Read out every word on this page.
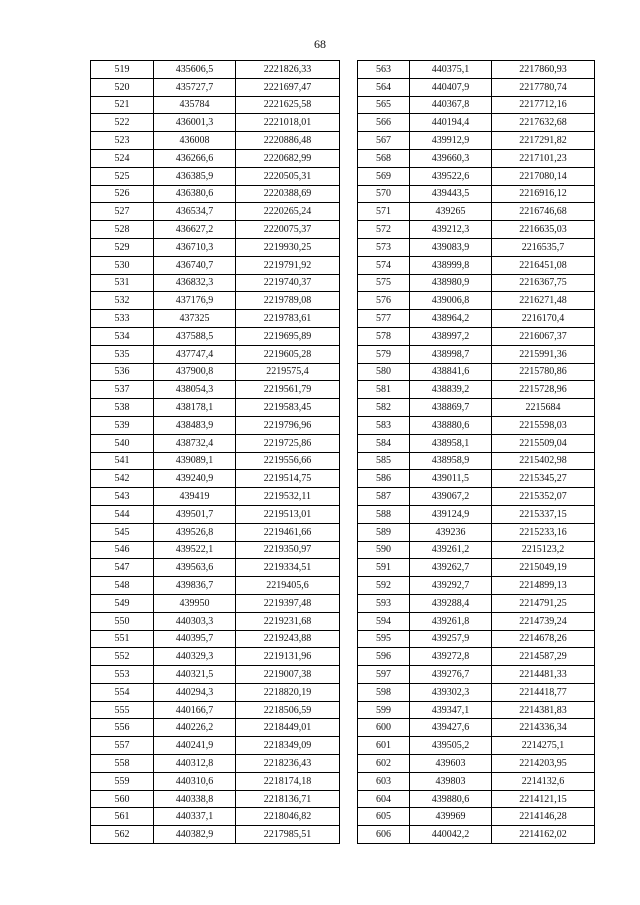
68
519	435606,5	2221826,33
520	435727,7	2221697,47
521	435784	2221625,58
522	436001,3	2221018,01
523	436008	2220886,48
524	436266,6	2220682,99
525	436385,9	2220505,31
526	436380,6	2220388,69
527	436534,7	2220265,24
528	436627,2	2220075,37
529	436710,3	2219930,25
530	436740,7	2219791,92
531	436832,3	2219740,37
532	437176,9	2219789,08
533	437325	2219783,61
534	437588,5	2219695,89
535	437747,4	2219605,28
536	437900,8	2219575,4
537	438054,3	2219561,79
538	438178,1	2219583,45
539	438483,9	2219796,96
540	438732,4	2219725,86
541	439089,1	2219556,66
542	439240,9	2219514,75
543	439419	2219532,11
544	439501,7	2219513,01
545	439526,8	2219461,66
546	439522,1	2219350,97
547	439563,6	2219334,51
548	439836,7	2219405,6
549	439950	2219397,48
550	440303,3	2219231,68
551	440395,7	2219243,88
552	440329,3	2219131,96
553	440321,5	2219007,38
554	440294,3	2218820,19
555	440166,7	2218506,59
556	440226,2	2218449,01
557	440241,9	2218349,09
558	440312,8	2218236,43
559	440310,6	2218174,18
560	440338,8	2218136,71
561	440337,1	2218046,82
562	440382,9	2217985,51
563	440375,1	2217860,93
564	440407,9	2217780,74
565	440367,8	2217712,16
566	440194,4	2217632,68
567	439912,9	2217291,82
568	439660,3	2217101,23
569	439522,6	2217080,14
570	439443,5	2216916,12
571	439265	2216746,68
572	439212,3	2216635,03
573	439083,9	2216535,7
574	438999,8	2216451,08
575	438980,9	2216367,75
576	439006,8	2216271,48
577	438964,2	2216170,4
578	438997,2	2216067,37
579	438998,7	2215991,36
580	438841,6	2215780,86
581	438839,2	2215728,96
582	438869,7	2215684
583	438880,6	2215598,03
584	438958,1	2215509,04
585	438958,9	2215402,98
586	439011,5	2215345,27
587	439067,2	2215352,07
588	439124,9	2215337,15
589	439236	2215233,16
590	439261,2	2215123,2
591	439262,7	2215049,19
592	439292,7	2214899,13
593	439288,4	2214791,25
594	439261,8	2214739,24
595	439257,9	2214678,26
596	439272,8	2214587,29
597	439276,7	2214481,33
598	439302,3	2214418,77
599	439347,1	2214381,83
600	439427,6	2214336,34
601	439505,2	2214275,1
602	439603	2214203,95
603	439803	2214132,6
604	439880,6	2214121,15
605	439969	2214146,28
606	440042,2	2214162,02
